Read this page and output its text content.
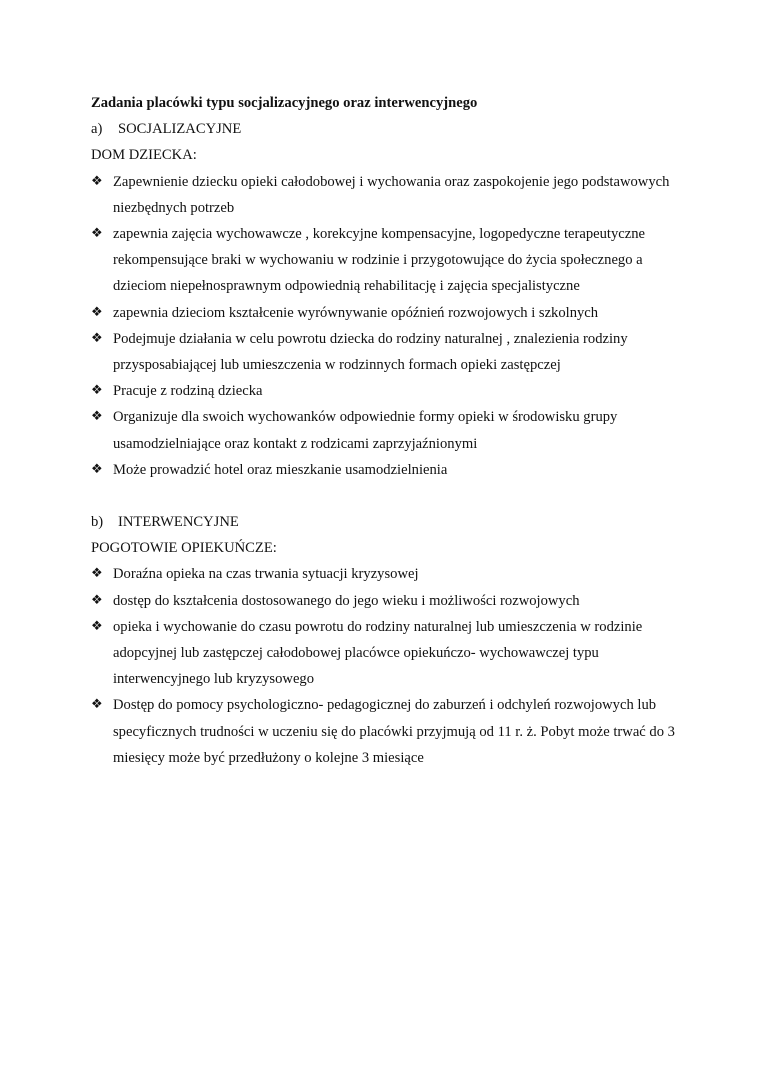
Zadania placówki typu socjalizacyjnego oraz interwencyjnego
a)	SOCJALIZACYJNE
DOM DZIECKA:
❖ Zapewnienie dziecku opieki całodobowej i wychowania oraz zaspokojenie jego podstawowych niezbędnych potrzeb
❖ zapewnia zajęcia wychowawcze , korekcyjne kompensacyjne, logopedyczne terapeutyczne rekompensujące braki w wychowaniu w rodzinie i przygotowujące do życia społecznego a dzieciom niepełnosprawnym odpowiednią rehabilitację i zajęcia specjalistyczne
❖ zapewnia dzieciom kształcenie wyrównywanie opóźnień rozwojowych i szkolnych
❖ Podejmuje działania w celu powrotu dziecka do rodziny naturalnej , znalezienia rodziny przysposabiającej lub umieszczenia w rodzinnych formach opieki zastępczej
❖ Pracuje z rodziną dziecka
❖ Organizuje dla swoich wychowanków odpowiednie formy opieki w środowisku grupy usamodzielniające oraz kontakt z rodzicami zaprzyjaźnionymi
❖ Może prowadzić hotel oraz mieszkanie usamodzielnienia
b)	INTERWENCYJNE
POGOTOWIE OPIEKUŃCZE:
❖ Doraźna opieka na czas trwania sytuacji kryzysowej
❖ dostęp do kształcenia dostosowanego do jego wieku i możliwości rozwojowych
❖ opieka i wychowanie do czasu powrotu do rodziny naturalnej lub umieszczenia w rodzinie adopcyjnej lub zastępczej całodobowej placówce opiekuńczo- wychowawczej typu interwencyjnego lub kryzysowego
❖ Dostęp do pomocy psychologiczno- pedagogicznej do zaburzeń i odchyleń rozwojowych lub specyficznych trudności w uczeniu się do placówki przyjmują od 11 r. ż. Pobyt może trwać do 3 miesięcy może być przedłużony o kolejne 3 miesiące
